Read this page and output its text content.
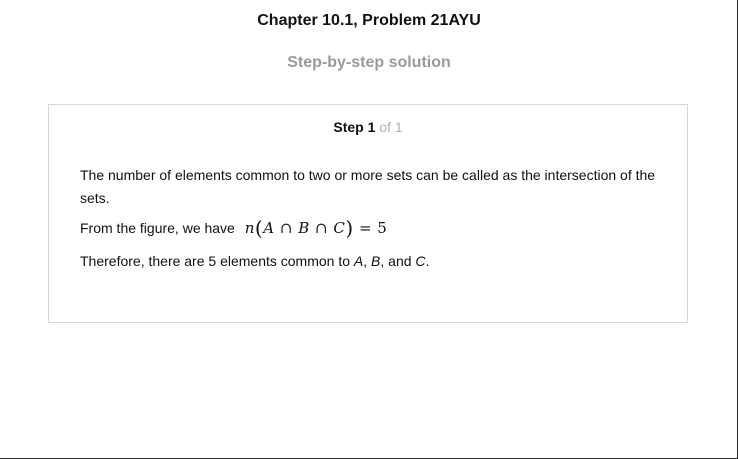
Chapter 10.1, Problem 21AYU
Step-by-step solution
Step 1 of 1
The number of elements common to two or more sets can be called as the intersection of the sets.
From the figure, we have n(A ∩ B ∩ C) = 5
Therefore, there are 5 elements common to A, B, and C.
